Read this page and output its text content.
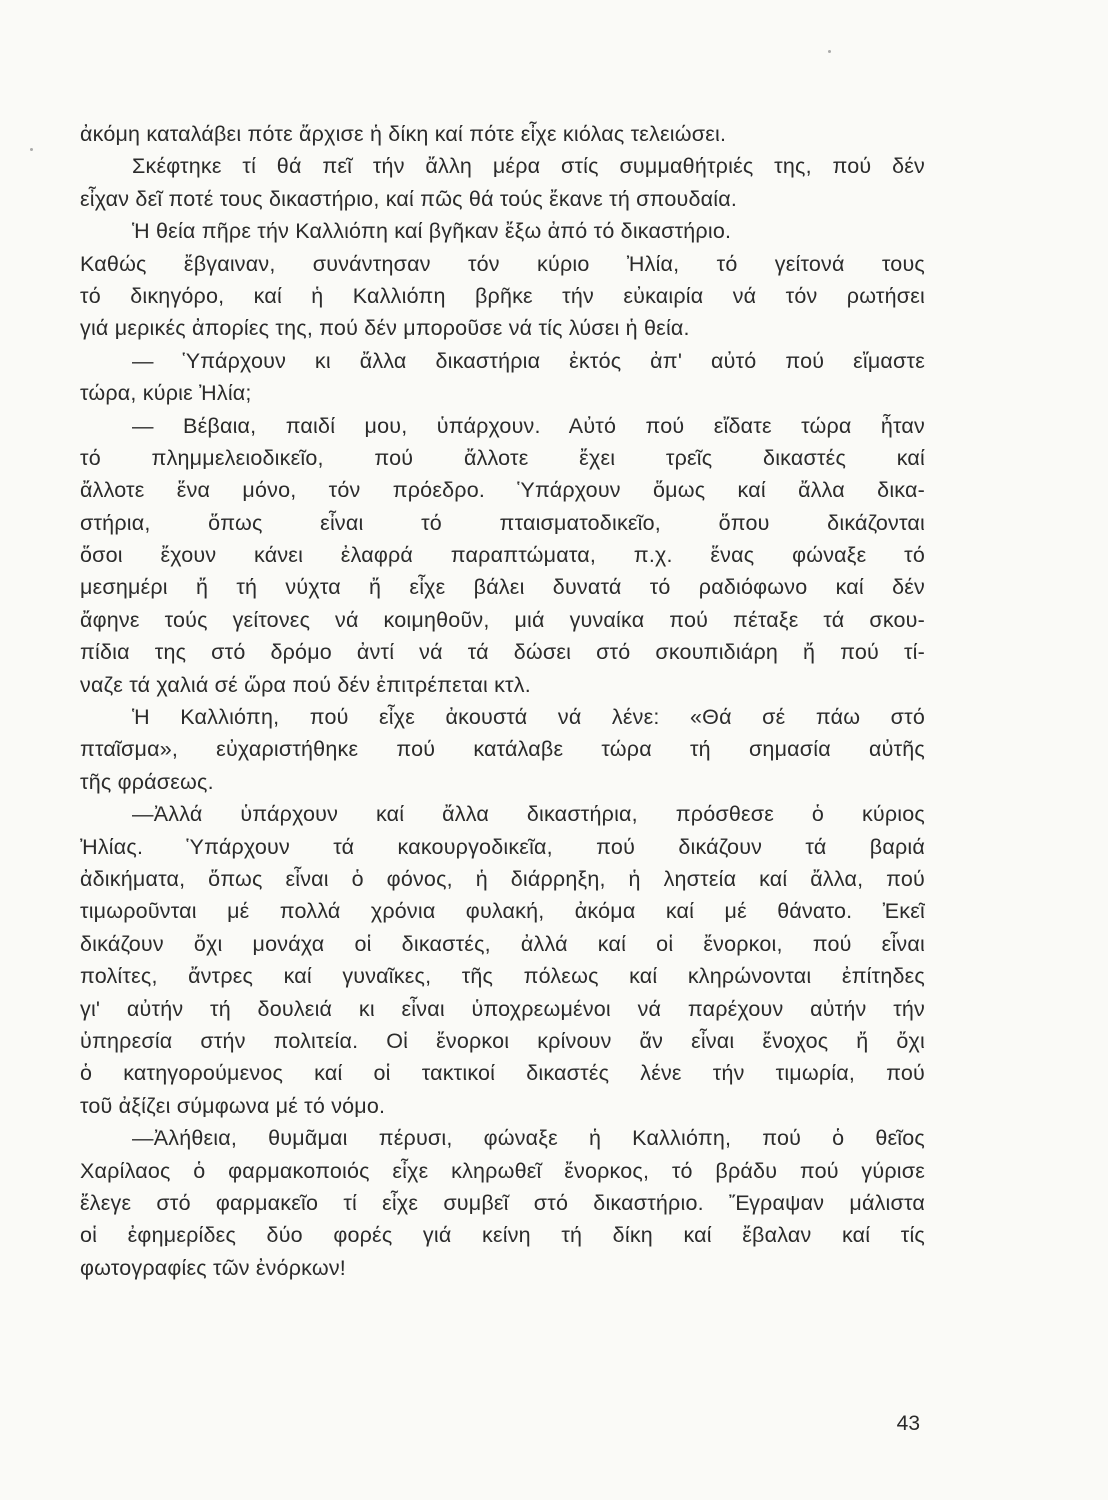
ἀκόμη καταλάβει πότε ἄρχισε ἡ δίκη καί πότε εἶχε κιόλας τελειώσει.
Σκέφτηκε τί θά πεῖ τήν ἄλλη μέρα στίς συμμαθήτριές της, πού δέν
εἶχαν δεῖ ποτέ τους δικαστήριο, καί πῶς θά τούς ἔκανε τή σπουδαία.
Ἡ θεία πῆρε τήν Καλλιόπη καί βγῆκαν ἔξω ἀπό τό δικαστήριο.
Καθώς ἔβγαιναν, συνάντησαν τόν κύριο Ἠλία, τό γείτονά τους
τό δικηγόρο, καί ἡ Καλλιόπη βρῆκε τήν εὐκαιρία νά τόν ρωτήσει
γιά μερικές ἀπορίες της, πού δέν μποροῦσε νά τίς λύσει ἡ θεία.
— Ὑπάρχουν κι ἄλλα δικαστήρια ἐκτός ἀπ' αὐτό πού εἴμαστε
τώρα, κύριε Ἠλία;
— Βέβαια, παιδί μου, ὑπάρχουν. Αὐτό πού εἴδατε τώρα ἦταν
τό πλημμελειοδικεῖο, πού ἄλλοτε ἔχει τρεῖς δικαστές καί
ἄλλοτε ἕνα μόνο, τόν πρόεδρο. Ὑπάρχουν ὅμως καί ἄλλα δικα-
στήρια, ὅπως εἶναι τό πταισματοδικεῖο, ὅπου δικάζονται
ὅσοι ἔχουν κάνει ἐλαφρά παραπτώματα, π.χ. ἕνας φώναξε τό
μεσημέρι ἤ τή νύχτα ἤ εἶχε βάλει δυνατά τό ραδιόφωνο καί δέν
ἄφηνε τούς γείτονες νά κοιμηθοῦν, μιά γυναίκα πού πέταξε τά σκου-
πίδια της στό δρόμο ἀντί νά τά δώσει στό σκουπιδιάρη ἤ πού τί-
ναζε τά χαλιά σέ ὥρα πού δέν ἐπιτρέπεται κτλ.
Ἡ Καλλιόπη, πού εἶχε ἀκουστά νά λένε: «Θά σέ πάω στό
πταῖσμα», εὐχαριστήθηκε πού κατάλαβε τώρα τή σημασία αὐτῆς
τῆς φράσεως.
—Ἀλλά ὑπάρχουν καί ἄλλα δικαστήρια, πρόσθεσε ὁ κύριος
Ἠλίας. Ὑπάρχουν τά κακουργοδικεῖα, πού δικάζουν τά βαριά
ἀδικήματα, ὅπως εἶναι ὁ φόνος, ἡ διάρρηξη, ἡ ληστεία καί ἄλλα, πού
τιμωροῦνται μέ πολλά χρόνια φυλακή, ἀκόμα καί μέ θάνατο. Ἐκεῖ
δικάζουν ὄχι μονάχα οἱ δικαστές, ἀλλά καί οἱ ἔνορκοι, πού εἶναι
πολίτες, ἄντρες καί γυναῖκες, τῆς πόλεως καί κληρώνονται ἐπίτηδες
γι' αὐτήν τή δουλειά κι εἶναι ὑποχρεωμένοι νά παρέχουν αὐτήν τήν
ὑπηρεσία στήν πολιτεία. Οἱ ἔνορκοι κρίνουν ἄν εἶναι ἔνοχος ἤ ὄχι
ὁ κατηγορούμενος καί οἱ τακτικοί δικαστές λένε τήν τιμωρία, πού
τοῦ ἀξίζει σύμφωνα μέ τό νόμο.
—Ἀλήθεια, θυμᾶμαι πέρυσι, φώναξε ἡ Καλλιόπη, πού ὁ θεῖος
Χαρίλαος ὁ φαρμακοποιός εἶχε κληρωθεῖ ἔνορκος, τό βράδυ πού γύρισε
ἔλεγε στό φαρμακεῖο τί εἶχε συμβεῖ στό δικαστήριο. Ἔγραψαν μάλιστα
οἱ ἐφημερίδες δύο φορές γιά κείνη τή δίκη καί ἔβαλαν καί τίς
φωτογραφίες τῶν ἐνόρκων!
43
